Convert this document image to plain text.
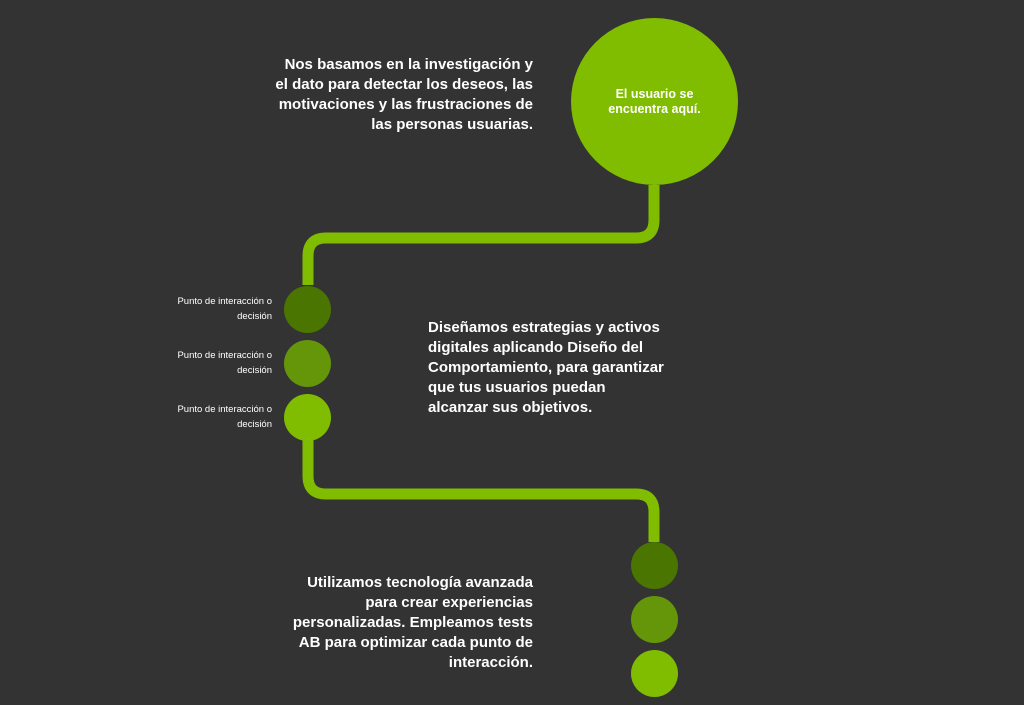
El usuario se encuentra aquí.
Nos basamos en la investigación y el dato para detectar los deseos, las motivaciones y las frustraciones de las personas usuarias.
Punto de interacción o decisión
Punto de interacción o decisión
Punto de interacción o decisión
Diseñamos estrategias y activos digitales aplicando Diseño del Comportamiento, para garantizar que tus usuarios puedan alcanzar sus objetivos.
Utilizamos tecnología avanzada para crear experiencias personalizadas. Empleamos tests AB para optimizar cada punto de interacción.
